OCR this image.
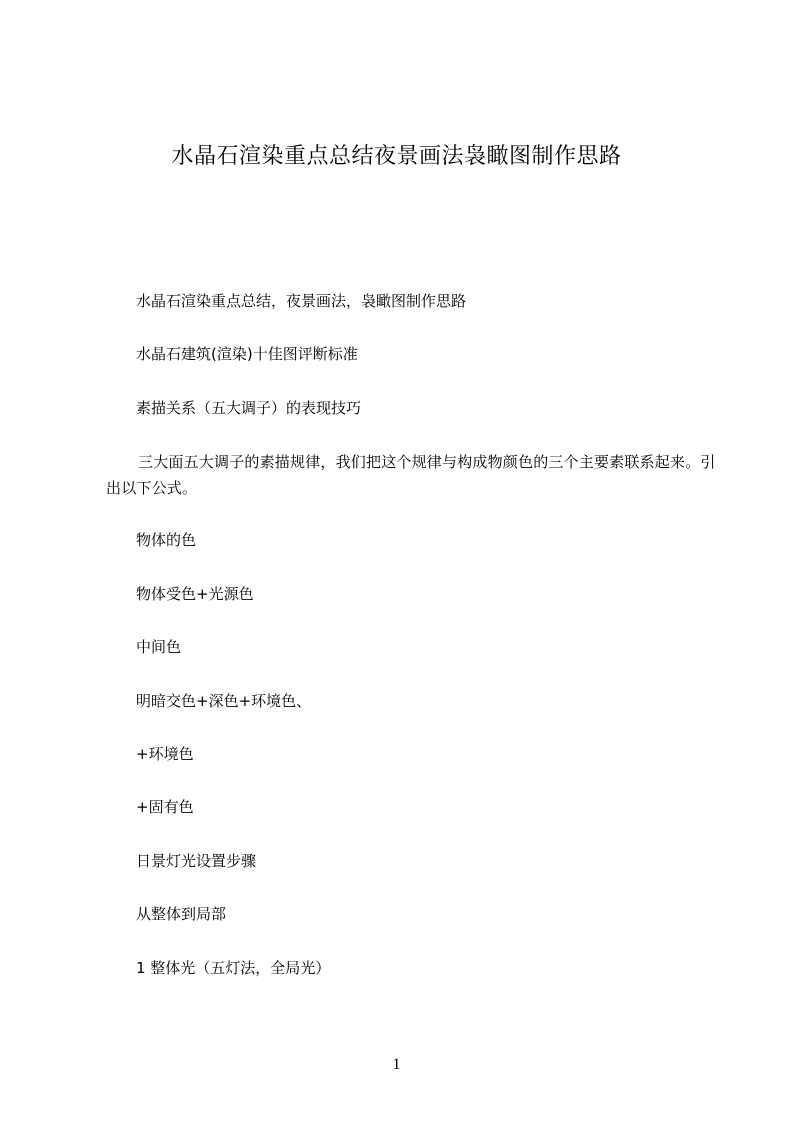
水晶石渲染重点总结夜景画法袅瞰图制作思路

水晶石渲染重点总结，夜景画法，袅瞰图制作思路

水晶石建筑(渲染)十佳图评断标准

素描关系（五大调子）的表现技巧

三大面五大调子的素描规律，我们把这个规律与构成物颜色的三个主要素联系起来。引出以下公式。

物体的色

物体受色+光源色

中间色

明暗交色+深色+环境色、

+环境色

+固有色

日景灯光设置步骤

从整体到局部

1 整体光（五灯法，全局光）

1
